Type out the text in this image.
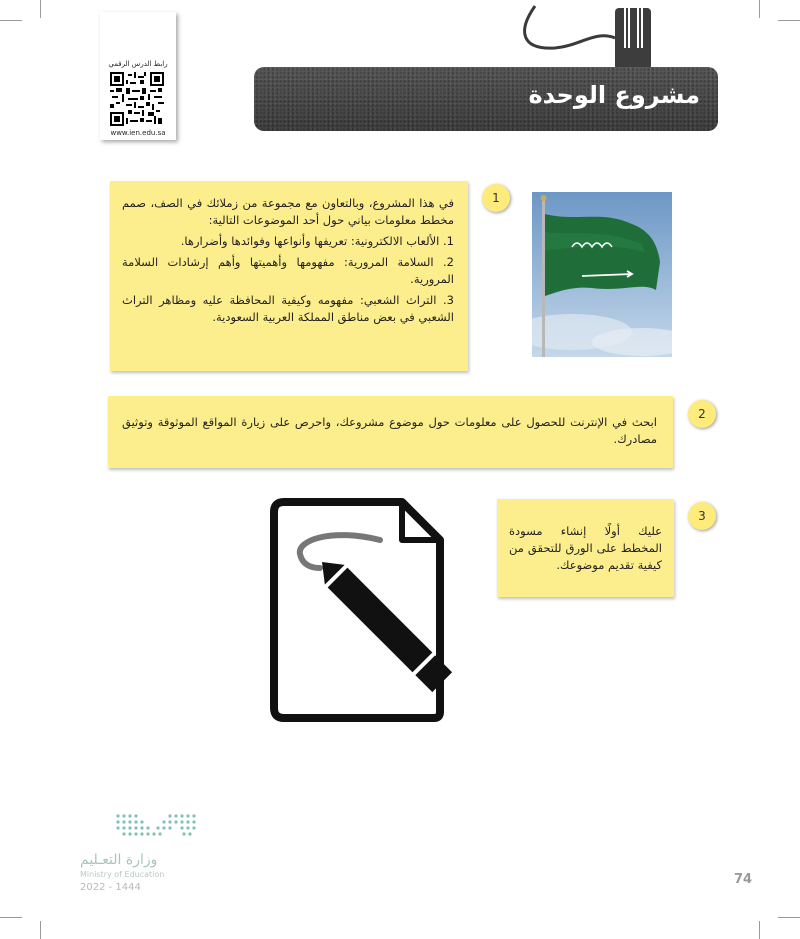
رابط الدرس الرقمي
www.ien.edu.sa
مشروع الوحدة

في هذا المشروع، وبالتعاون مع مجموعة من زملائك في الصف، صمم مخطط معلومات بياني حول أحد الموضوعات التالية:

1. الألعاب الالكترونية: تعريفها وأنواعها وفوائدها وأضرارها.

2. السلامة المرورية: مفهومها وأهميتها وأهم إرشادات السلامة المرورية.

3. التراث الشعبي: مفهومه وكيفية المحافظة عليه ومظاهر التراث الشعبي في بعض مناطق المملكة العربية السعودية.

1

ابحث في الإنترنت للحصول على معلومات حول موضوع مشروعك، واحرص على زيارة المواقع الموثوقة وتوثيق مصادرك.

2

عليك أولًا إنشاء مسودة المخطط على الورق للتحقق من كيفية تقديم موضوعك.

3
وزارة التعـليم
Ministry of Education
2022 - 1444
74
